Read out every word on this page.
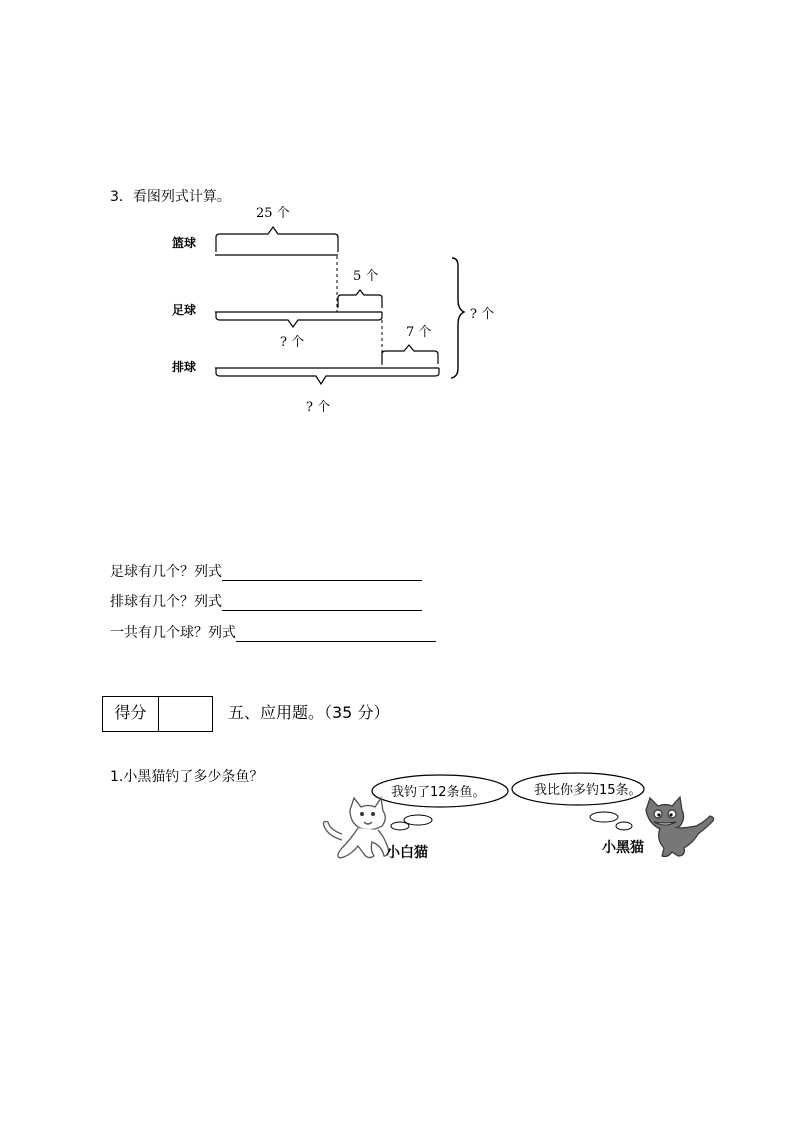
3．看图列式计算。
25 个
篮球
5 个
足球
? 个
7 个
排球
? 个
? 个
足球有几个？列式
排球有几个？列式
一共有几个球？列式
得分	五、应用题。（35 分）
1.小黑猫钓了多少条鱼？
我钓了12条鱼。	我比你多钓15条。
小白猫	小黑猫
